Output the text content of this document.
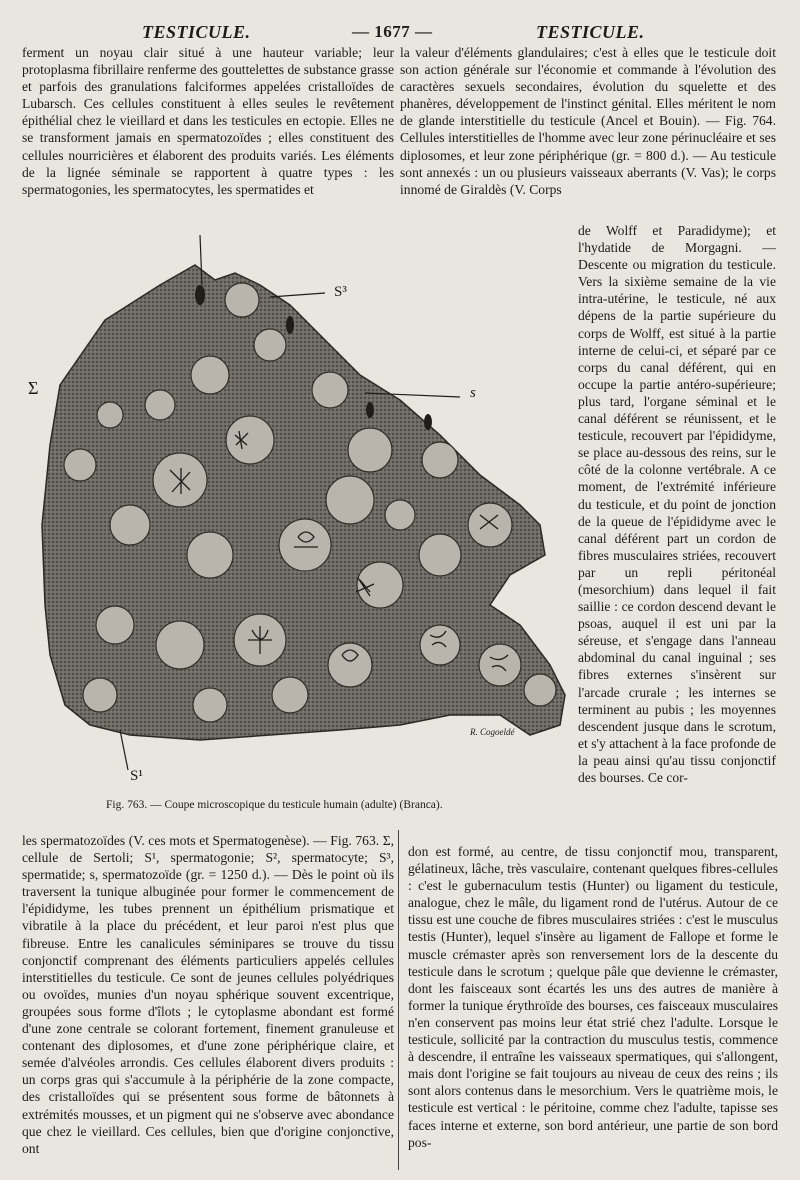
TESTICULE.	— 1677 —	TESTICULE.

ferment un noyau clair situé à une hauteur variable; leur protoplasma fibrillaire renferme des gouttelettes de substance grasse et parfois des granulations falciformes appelées cristalloïdes de Lubarsch. Ces cellules constituent à elles seules le revêtement épithélial chez le vieillard et dans les testicules en ectopie. Elles ne se transforment jamais en spermatozoïdes ; elles constituent des cellules nourricières et élaborent des produits variés. Les éléments de la lignée séminale se rapportent à quatre types : les spermatogonies, les spermatocytes, les spermatides et

la valeur d'éléments glandulaires; c'est à elles que le testicule doit son action générale sur l'économie et commande à l'évolution des caractères sexuels secondaires, évolution du squelette et des phanères, développement de l'instinct génital. Elles méritent le nom de glande interstitielle du testicule (Ancel et Bouin). — Fig. 764. Cellules interstitielles de l'homme avec leur zone périnucléaire et ses diplosomes, et leur zone périphérique (gr. = 800 d.). — Au testicule sont annexés : un ou plusieurs vaisseaux aberrants (V. Vas); le corps innomé de Giraldès (V. Corps

de Wolff et Paradidyme); et l'hydatide de Morgagni. — Descente ou migration du testicule. Vers la sixième semaine de la vie intra-utérine, le testicule, né aux dépens de la partie supérieure du corps de Wolff, est situé à la partie interne de celui-ci, et séparé par ce corps du canal déférent, qui en occupe la partie antéro-supérieure; plus tard, l'organe séminal et le canal déférent se réunissent, et le testicule, recouvert par l'épididyme, se place au-dessous des reins, sur le côté de la colonne vertébrale. A ce moment, de l'extrémité inférieure du testicule, et du point de jonction de la queue de l'épididyme avec le canal déférent part un cordon de fibres musculaires striées, recouvert par un repli péritonéal (mesorchium) dans lequel il fait saillie : ce cordon descend devant le psoas, auquel il est uni par la séreuse, et s'engage dans l'anneau abdominal du canal inguinal ; ses fibres externes s'insèrent sur l'arcade crurale ; les internes se terminent au pubis ; les moyennes descendent jusque dans le scrotum, et s'y attachent à la face profonde de la peau ainsi qu'au tissu conjonctif des bourses. Ce cor-

Σ
S³
s
S¹
R. Cogoeldé
Fig. 763. — Coupe microscopique du testicule humain (adulte) (Branca).

les spermatozoïdes (V. ces mots et Spermatogenèse). — Fig. 763. Σ, cellule de Sertoli; S¹, spermatogonie; S², spermatocyte; S³, spermatide; s, spermatozoïde (gr. = 1250 d.). — Dès le point où ils traversent la tunique albuginée pour former le commencement de l'épididyme, les tubes prennent un épithélium prismatique et vibratile à la place du précédent, et leur paroi n'est plus que fibreuse. Entre les canalicules séminipares se trouve du tissu conjonctif comprenant des éléments particuliers appelés cellules interstitielles du testicule. Ce sont de jeunes cellules polyédriques ou ovoïdes, munies d'un noyau sphérique souvent excentrique, groupées sous forme d'îlots ; le cytoplasme abondant est formé d'une zone centrale se colorant fortement, finement granuleuse et contenant des diplosomes, et d'une zone périphérique claire, et semée d'alvéoles arrondis. Ces cellules élaborent divers produits : un corps gras qui s'accumule à la périphérie de la zone compacte, des cristalloïdes qui se présentent sous forme de bâtonnets à extrémités mousses, et un pigment qui ne s'observe avec abondance que chez le vieillard. Ces cellules, bien que d'origine conjonctive, ont

don est formé, au centre, de tissu conjonctif mou, transparent, gélatineux, lâche, très vasculaire, contenant quelques fibres-cellules : c'est le gubernaculum testis (Hunter) ou ligament du testicule, analogue, chez le mâle, du ligament rond de l'utérus. Autour de ce tissu est une couche de fibres musculaires striées : c'est le musculus testis (Hunter), lequel s'insère au ligament de Fallope et forme le muscle crémaster après son renversement lors de la descente du testicule dans le scrotum ; quelque pâle que devienne le crémaster, dont les faisceaux sont écartés les uns des autres de manière à former la tunique érythroïde des bourses, ces faisceaux musculaires n'en conservent pas moins leur état strié chez l'adulte. Lorsque le testicule, sollicité par la contraction du musculus testis, commence à descendre, il entraîne les vaisseaux spermatiques, qui s'allongent, mais dont l'origine se fait toujours au niveau de ceux des reins ; ils sont alors contenus dans le mesorchium. Vers le quatrième mois, le testicule est vertical : le péritoine, comme chez l'adulte, tapisse ses faces interne et externe, son bord antérieur, une partie de son bord pos-
